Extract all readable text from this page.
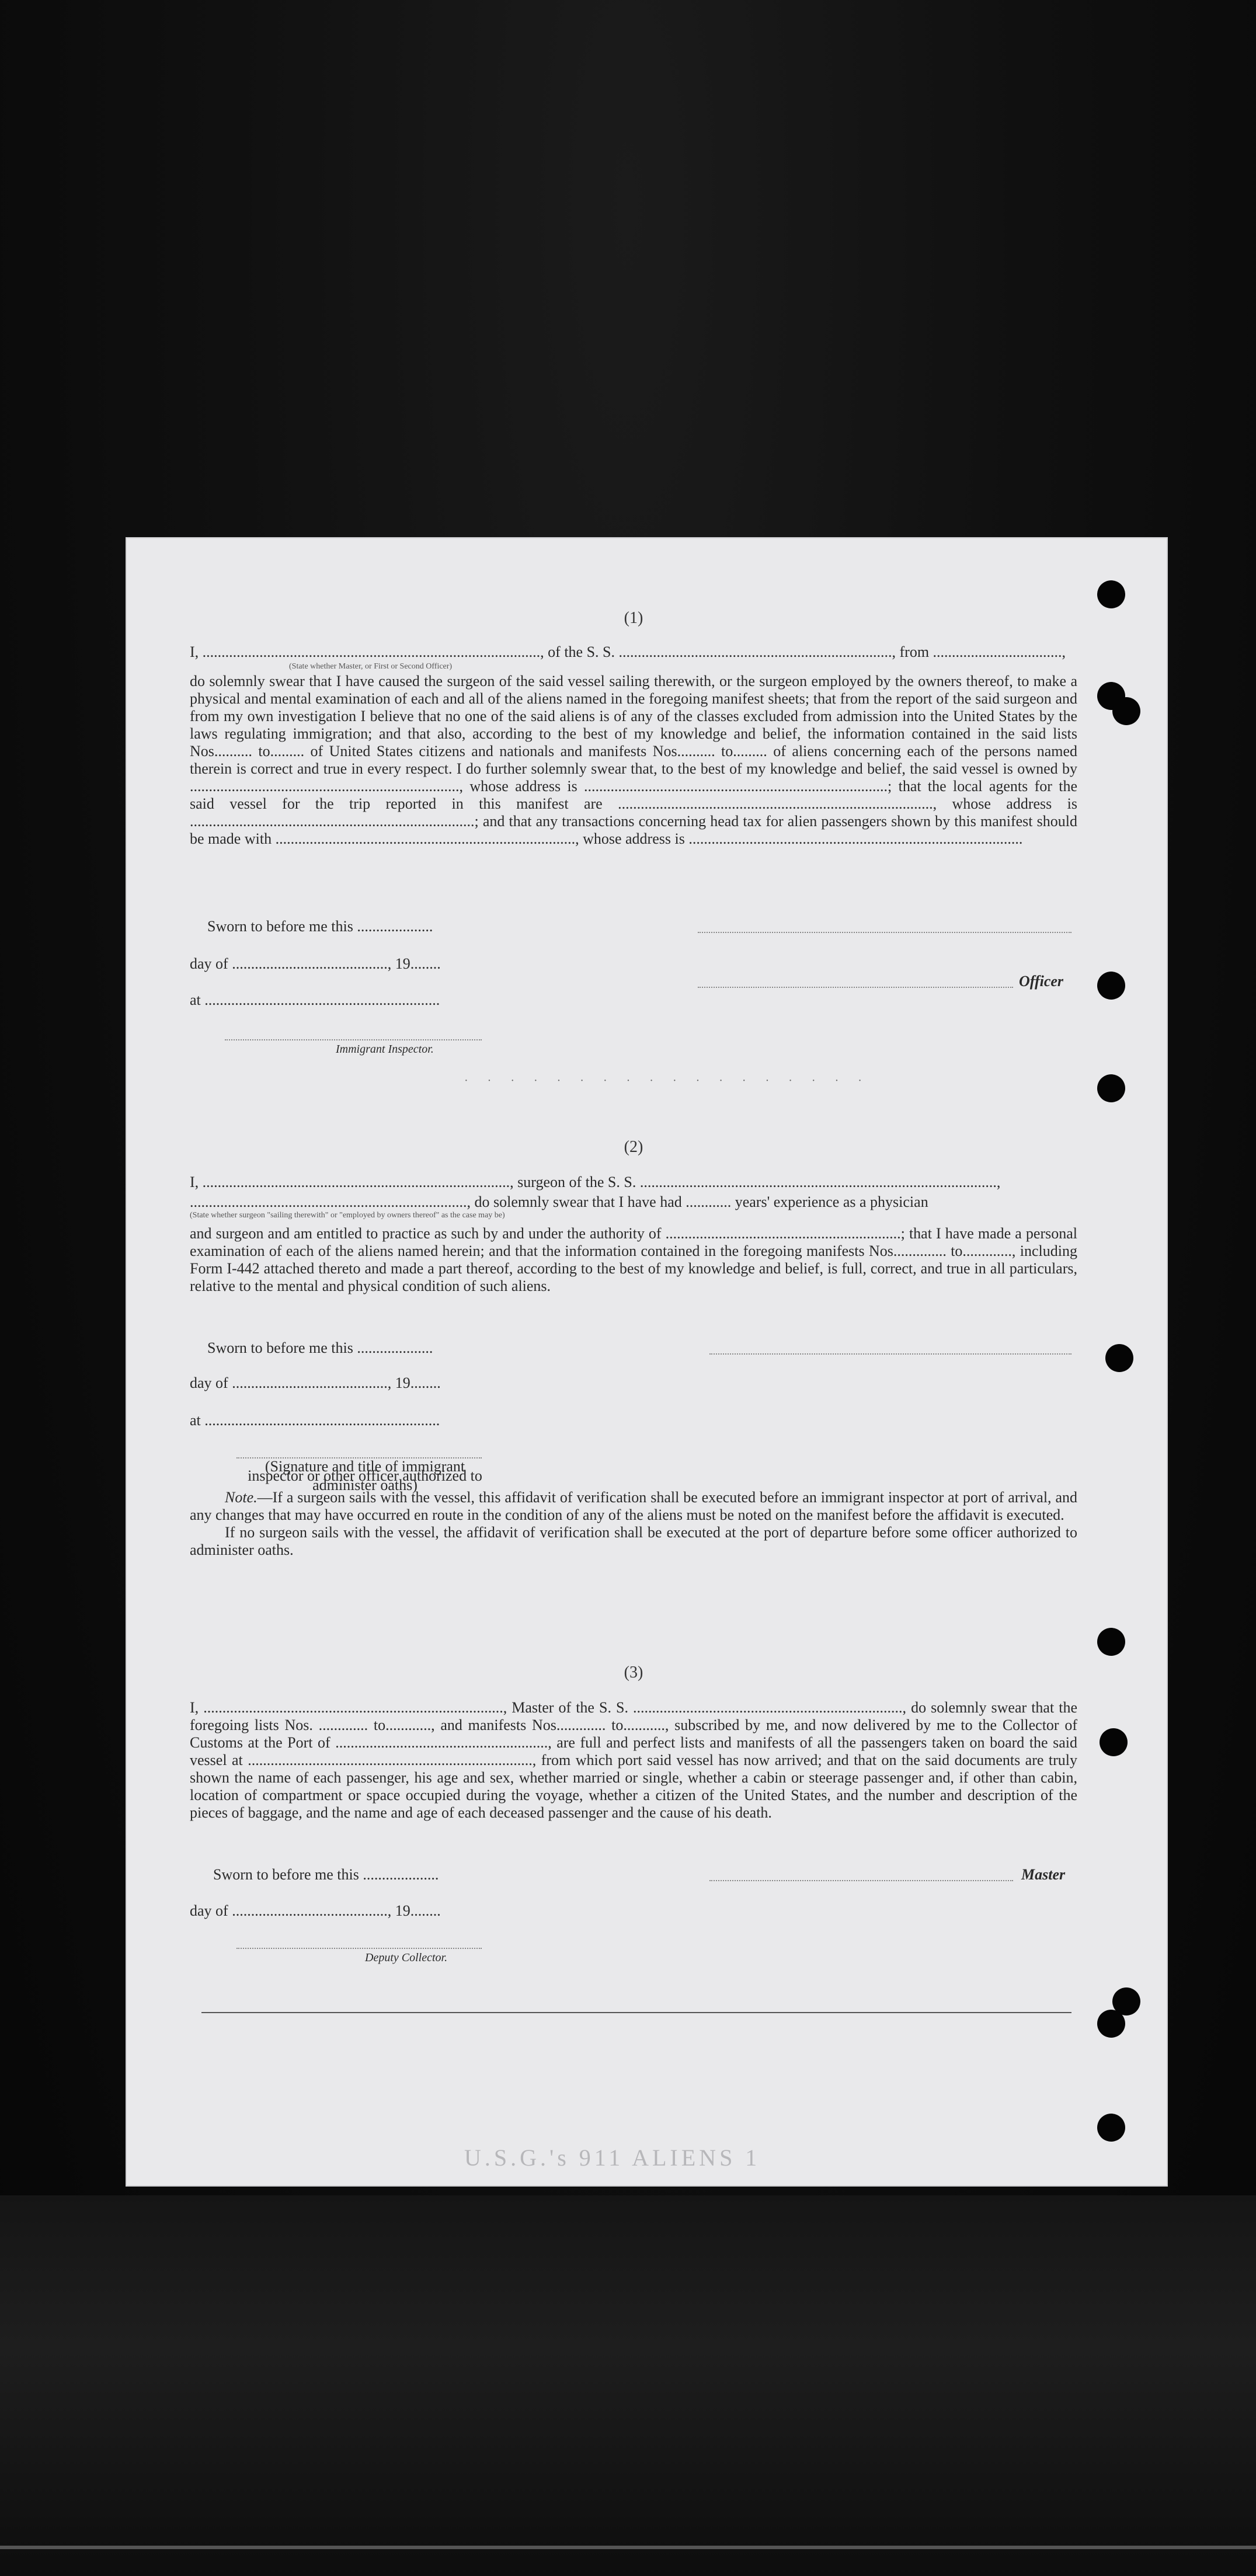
(1)
I, ........................................................................................., of the S. S. ........................................................................, from ..................................,
(State whether Master, or First or Second Officer)

do solemnly swear that I have caused the surgeon of the said vessel sailing therewith, or the surgeon employed by the owners thereof, to make a physical and mental examination of each and all of the aliens named in the foregoing manifest sheets; that from the report of the said surgeon and from my own investigation I believe that no one of the said aliens is of any of the classes excluded from admission into the United States by the laws regulating immigration; and that also, according to the best of my knowledge and belief, the information contained in the said lists Nos.......... to......... of United States citizens and nationals and manifests Nos.......... to......... of aliens concerning each of the persons named therein is correct and true in every respect. I do further solemnly swear that, to the best of my knowledge and belief, the said vessel is owned by ......................................................................., whose address is ................................................................................; that the local agents for the said vessel for the trip reported in this manifest are ..................................................................................., whose address is ...........................................................................; and that any transactions concerning head tax for alien passengers shown by this manifest should be made with ..............................................................................., whose address is ........................................................................................

Sworn to before me this ....................
day of ........................................., 19........
Officer
at ..............................................................
Immigrant Inspector.
· · · · · · · · · · · · · · · · · ·
(2)
I, ................................................................................., surgeon of the S. S. ..............................................................................................,
........................................................................., do solemnly swear that I have had ............ years' experience as a physician
(State whether surgeon "sailing therewith" or "employed by owners thereof" as the case may be)

and surgeon and am entitled to practice as such by and under the authority of ..............................................................; that I have made a personal examination of each of the aliens named herein; and that the information contained in the foregoing manifests Nos.............. to............., including Form I-442 attached thereto and made a part thereof, according to the best of my knowledge and belief, is full, correct, and true in all particulars, relative to the mental and physical condition of such aliens.

Sworn to before me this ....................
day of ........................................., 19........
at ..............................................................
(Signature and title of immigrant inspector or other officer authorized to administer oaths)

Note.—If a surgeon sails with the vessel, this affidavit of verification shall be executed before an immigrant inspector at port of arrival, and any changes that may have occurred en route in the condition of any of the aliens must be noted on the manifest before the affidavit is executed.

If no surgeon sails with the vessel, the affidavit of verification shall be executed at the port of departure before some officer authorized to administer oaths.

(3)

I, ..............................................................................., Master of the S. S. ......................................................................., do solemnly swear that the foregoing lists Nos. ............. to............, and manifests Nos............. to..........., subscribed by me, and now delivered by me to the Collector of Customs at the Port of ........................................................, are full and perfect lists and manifests of all the passengers taken on board the said vessel at ..........................................................................., from which port said vessel has now arrived; and that on the said documents are truly shown the name of each passenger, his age and sex, whether married or single, whether a cabin or steerage passenger and, if other than cabin, location of compartment or space occupied during the voyage, whether a citizen of the United States, and the number and description of the pieces of baggage, and the name and age of each deceased passenger and the cause of his death.

Sworn to before me this ....................	Master
day of ........................................., 19........
Deputy Collector.
U.S.G.'s 911 ALIENS 1
